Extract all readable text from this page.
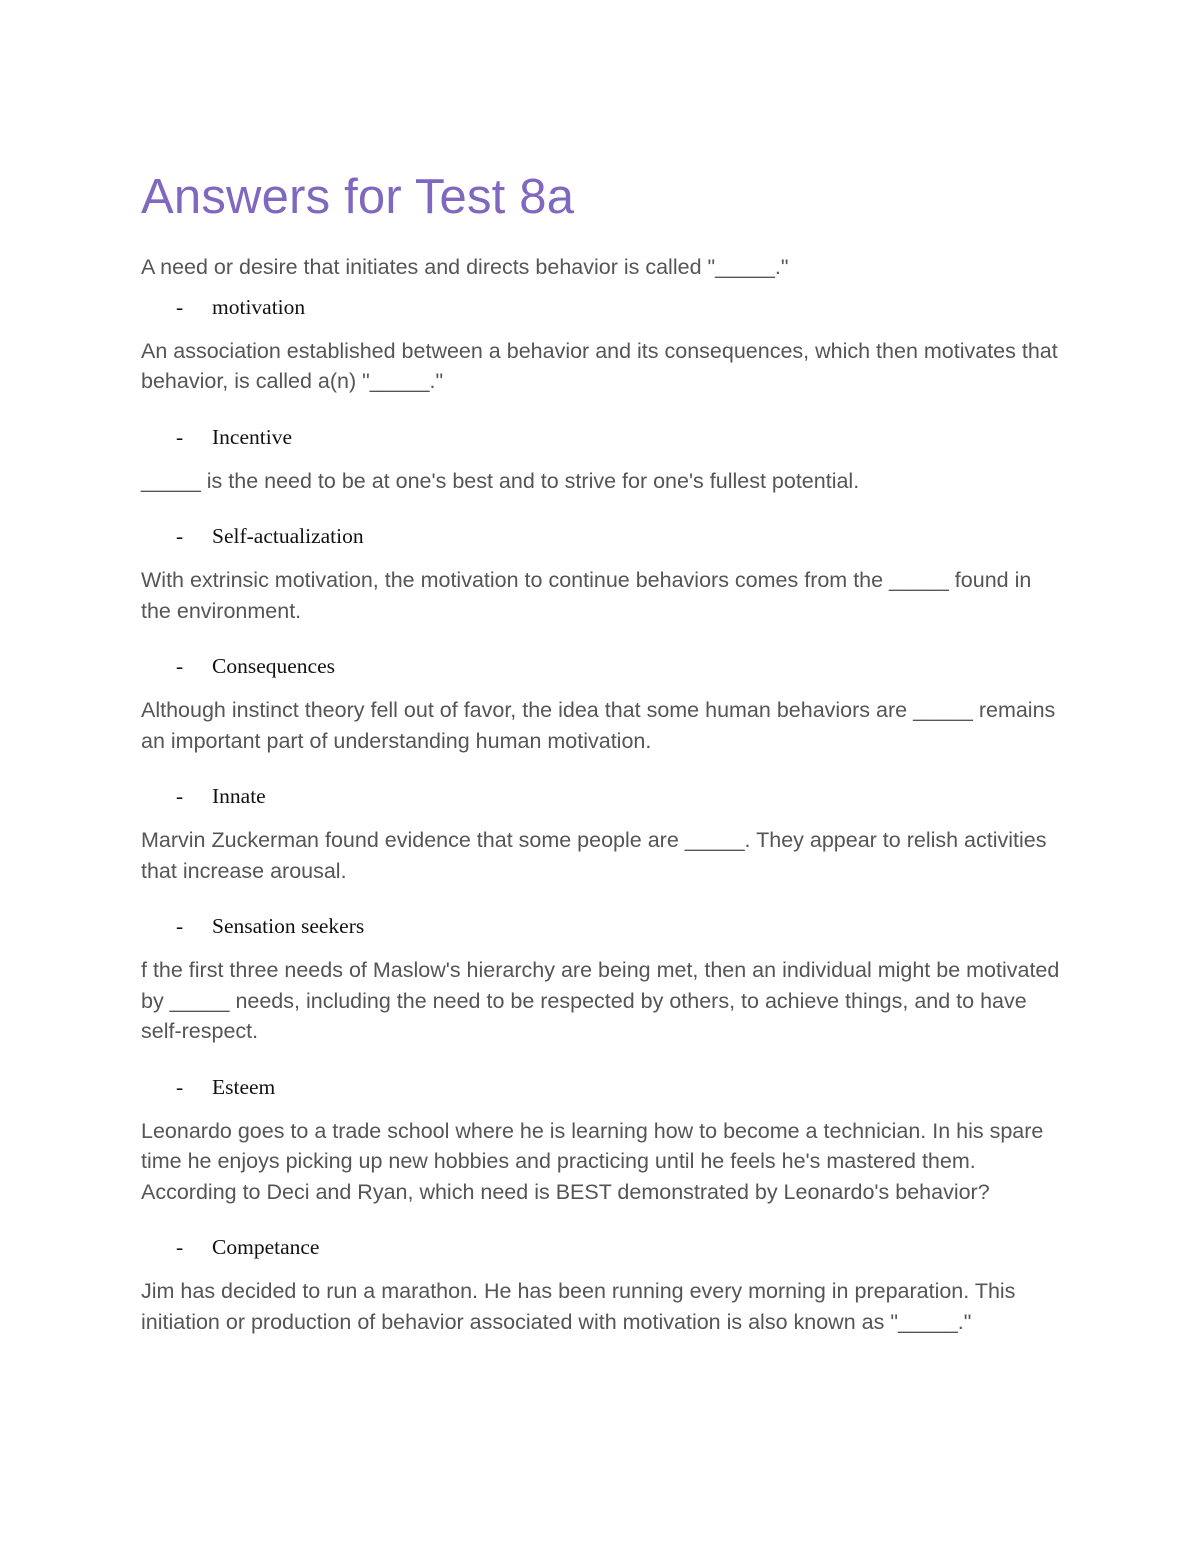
Answers for Test 8a

A need or desire that initiates and directs behavior is called "_____."

-	motivation

An association established between a behavior and its consequences, which then motivates that behavior, is called a(n) "_____."

-	Incentive

_____ is the need to be at one's best and to strive for one's fullest potential.

-	Self-actualization

With extrinsic motivation, the motivation to continue behaviors comes from the _____ found in the environment.

-	Consequences

Although instinct theory fell out of favor, the idea that some human behaviors are _____ remains an important part of understanding human motivation.

-	Innate

Marvin Zuckerman found evidence that some people are _____. They appear to relish activities that increase arousal.

-	Sensation seekers

f the first three needs of Maslow's hierarchy are being met, then an individual might be motivated by _____ needs, including the need to be respected by others, to achieve things, and to have self-respect.

-	Esteem

Leonardo goes to a trade school where he is learning how to become a technician. In his spare time he enjoys picking up new hobbies and practicing until he feels he's mastered them. According to Deci and Ryan, which need is BEST demonstrated by Leonardo's behavior?

-	Competance

Jim has decided to run a marathon. He has been running every morning in preparation. This initiation or production of behavior associated with motivation is also known as "_____."
